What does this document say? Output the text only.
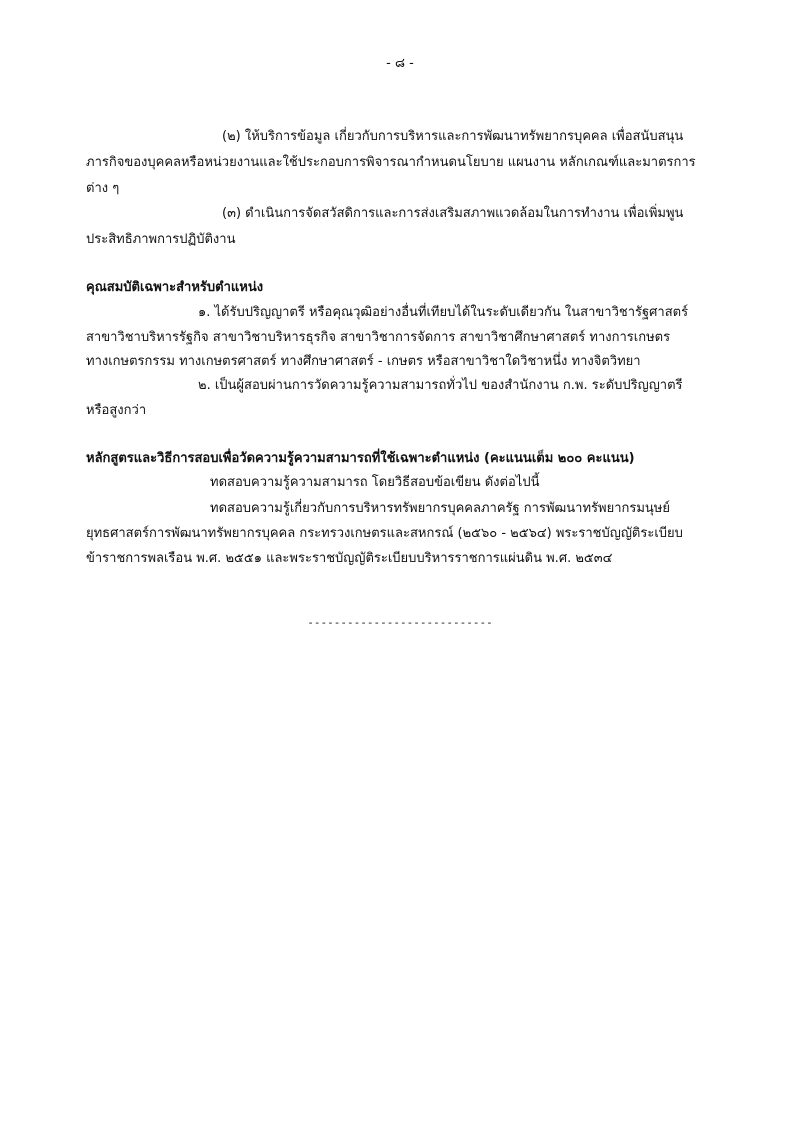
- ๘ -
(๒) ให้บริการข้อมูล เกี่ยวกับการบริหารและการพัฒนาทรัพยากรบุคคล เพื่อสนับสนุน
ภารกิจของบุคคลหรือหน่วยงานและใช้ประกอบการพิจารณากำหนดนโยบาย แผนงาน หลักเกณฑ์และมาตรการ
ต่าง ๆ
(๓) ดำเนินการจัดสวัสดิการและการส่งเสริมสภาพแวดล้อมในการทำงาน เพื่อเพิ่มพูน
ประสิทธิภาพการปฏิบัติงาน
คุณสมบัติเฉพาะสำหรับตำแหน่ง
๑. ได้รับปริญญาตรี หรือคุณวุฒิอย่างอื่นที่เทียบได้ในระดับเดียวกัน ในสาขาวิชารัฐศาสตร์
สาขาวิชาบริหารรัฐกิจ สาขาวิชาบริหารธุรกิจ สาขาวิชาการจัดการ สาขาวิชาศึกษาศาสตร์ ทางการเกษตร
ทางเกษตรกรรม ทางเกษตรศาสตร์ ทางศึกษาศาสตร์ - เกษตร หรือสาขาวิชาใดวิชาหนึ่ง ทางจิตวิทยา
๒. เป็นผู้สอบผ่านการวัดความรู้ความสามารถทั่วไป ของสำนักงาน ก.พ. ระดับปริญญาตรี
หรือสูงกว่า
หลักสูตรและวิธีการสอบเพื่อวัดความรู้ความสามารถที่ใช้เฉพาะตำแหน่ง (คะแนนเต็ม ๒๐๐ คะแนน)
ทดสอบความรู้ความสามารถ โดยวิธีสอบข้อเขียน ดังต่อไปนี้
ทดสอบความรู้เกี่ยวกับการบริหารทรัพยากรบุคคลภาครัฐ การพัฒนาทรัพยากรมนุษย์
ยุทธศาสตร์การพัฒนาทรัพยากรบุคคล กระทรวงเกษตรและสหกรณ์ (๒๕๖๐ - ๒๕๖๔) พระราชบัญญัติระเบียบ
ข้าราชการพลเรือน พ.ศ. ๒๕๕๑ และพระราชบัญญัติระเบียบบริหารราชการแผ่นดิน พ.ศ. ๒๕๓๔
----------------------------
